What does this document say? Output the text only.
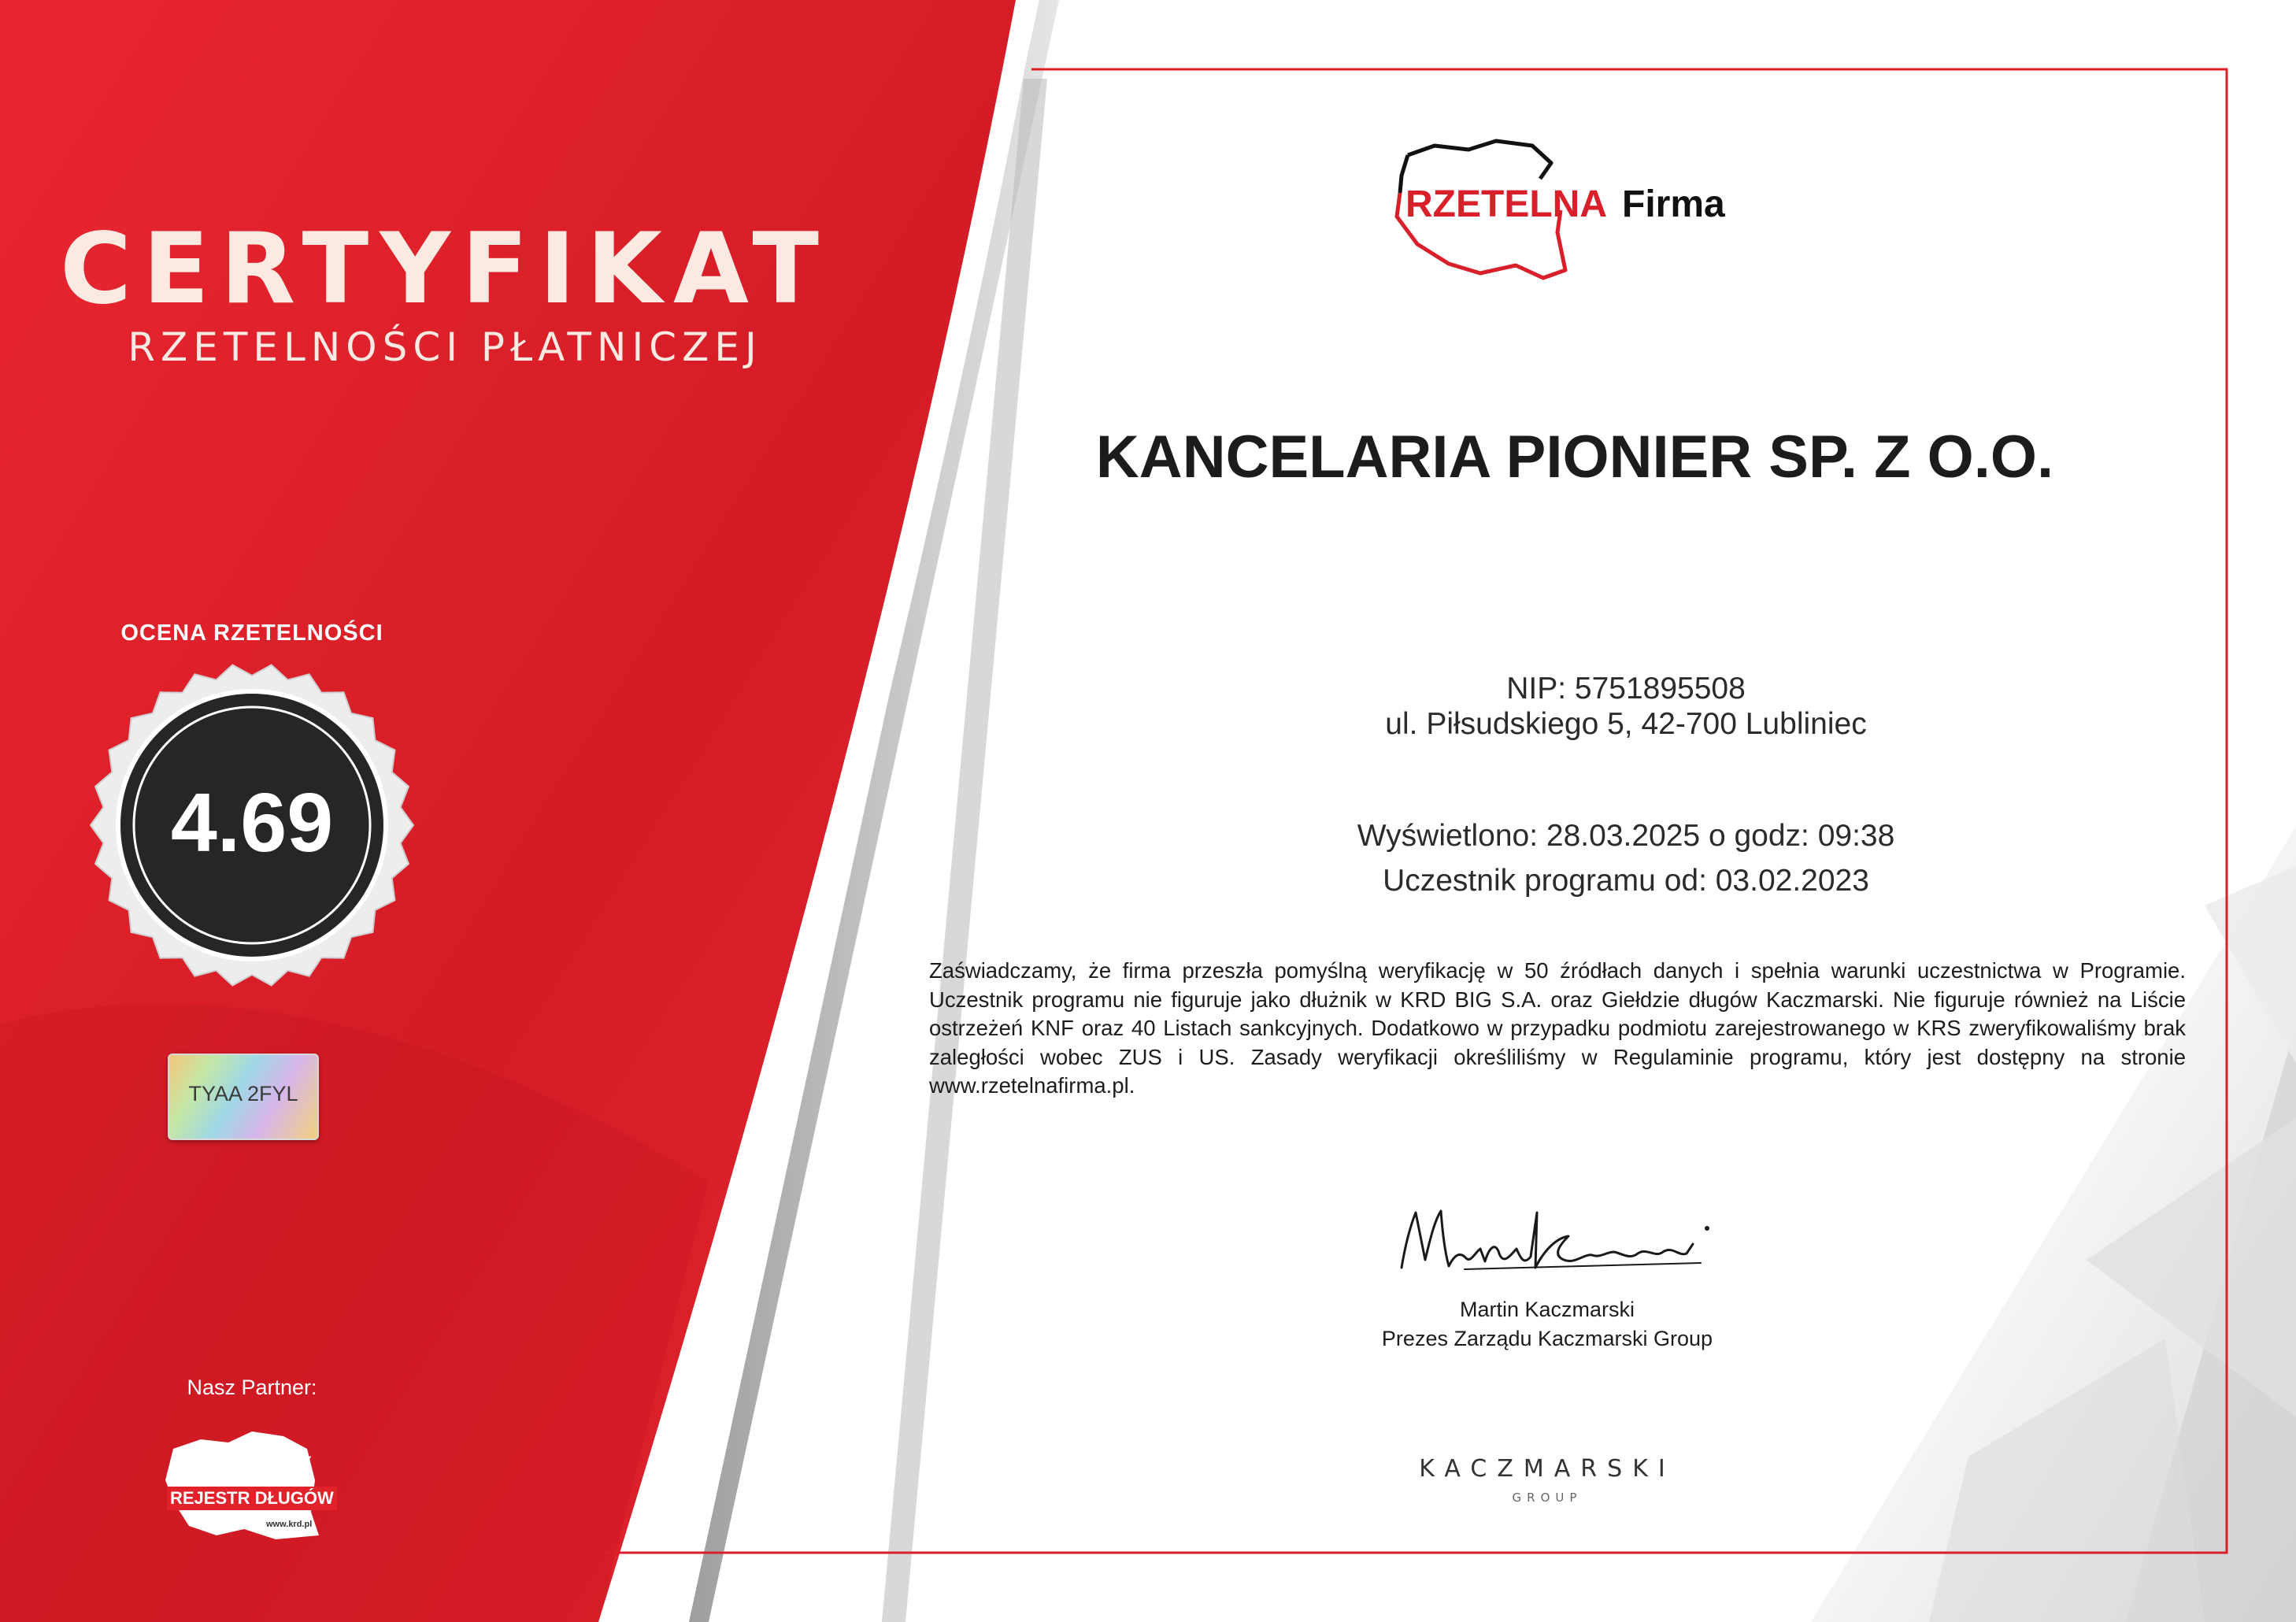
CERTYFIKAT
RZETELNOŚCI PŁATNICZEJ
OCENA RZETELNOŚCI
4.69
TYAA 2FYL
Nasz Partner:
KRAJOWY
REJESTR DŁUGÓW
www.krd.pl
RZETELNA Firma
KANCELARIA PIONIER SP. Z O.O.
NIP: 5751895508
ul. Piłsudskiego 5, 42-700 Lubliniec
Wyświetlono: 28.03.2025 o godz: 09:38
Uczestnik programu od: 03.02.2023
Zaświadczamy, że firma przeszła pomyślną weryfikację w 50 źródłach danych i spełnia warunki uczestnictwa w Programie. Uczestnik programu nie figuruje jako dłużnik w KRD BIG S.A. oraz Giełdzie długów Kaczmarski. Nie figuruje również na Liście ostrzeżeń KNF oraz 40 Listach sankcyjnych. Dodatkowo w przypadku podmiotu zarejestrowanego w KRS zweryfikowaliśmy brak zaległości wobec ZUS i US. Zasady weryfikacji określiliśmy w Regulaminie programu, który jest dostępny na stronie www.rzetelnafirma.pl.
Martin Kaczmarski
Prezes Zarządu Kaczmarski Group
KACZMARSKI
GROUP
